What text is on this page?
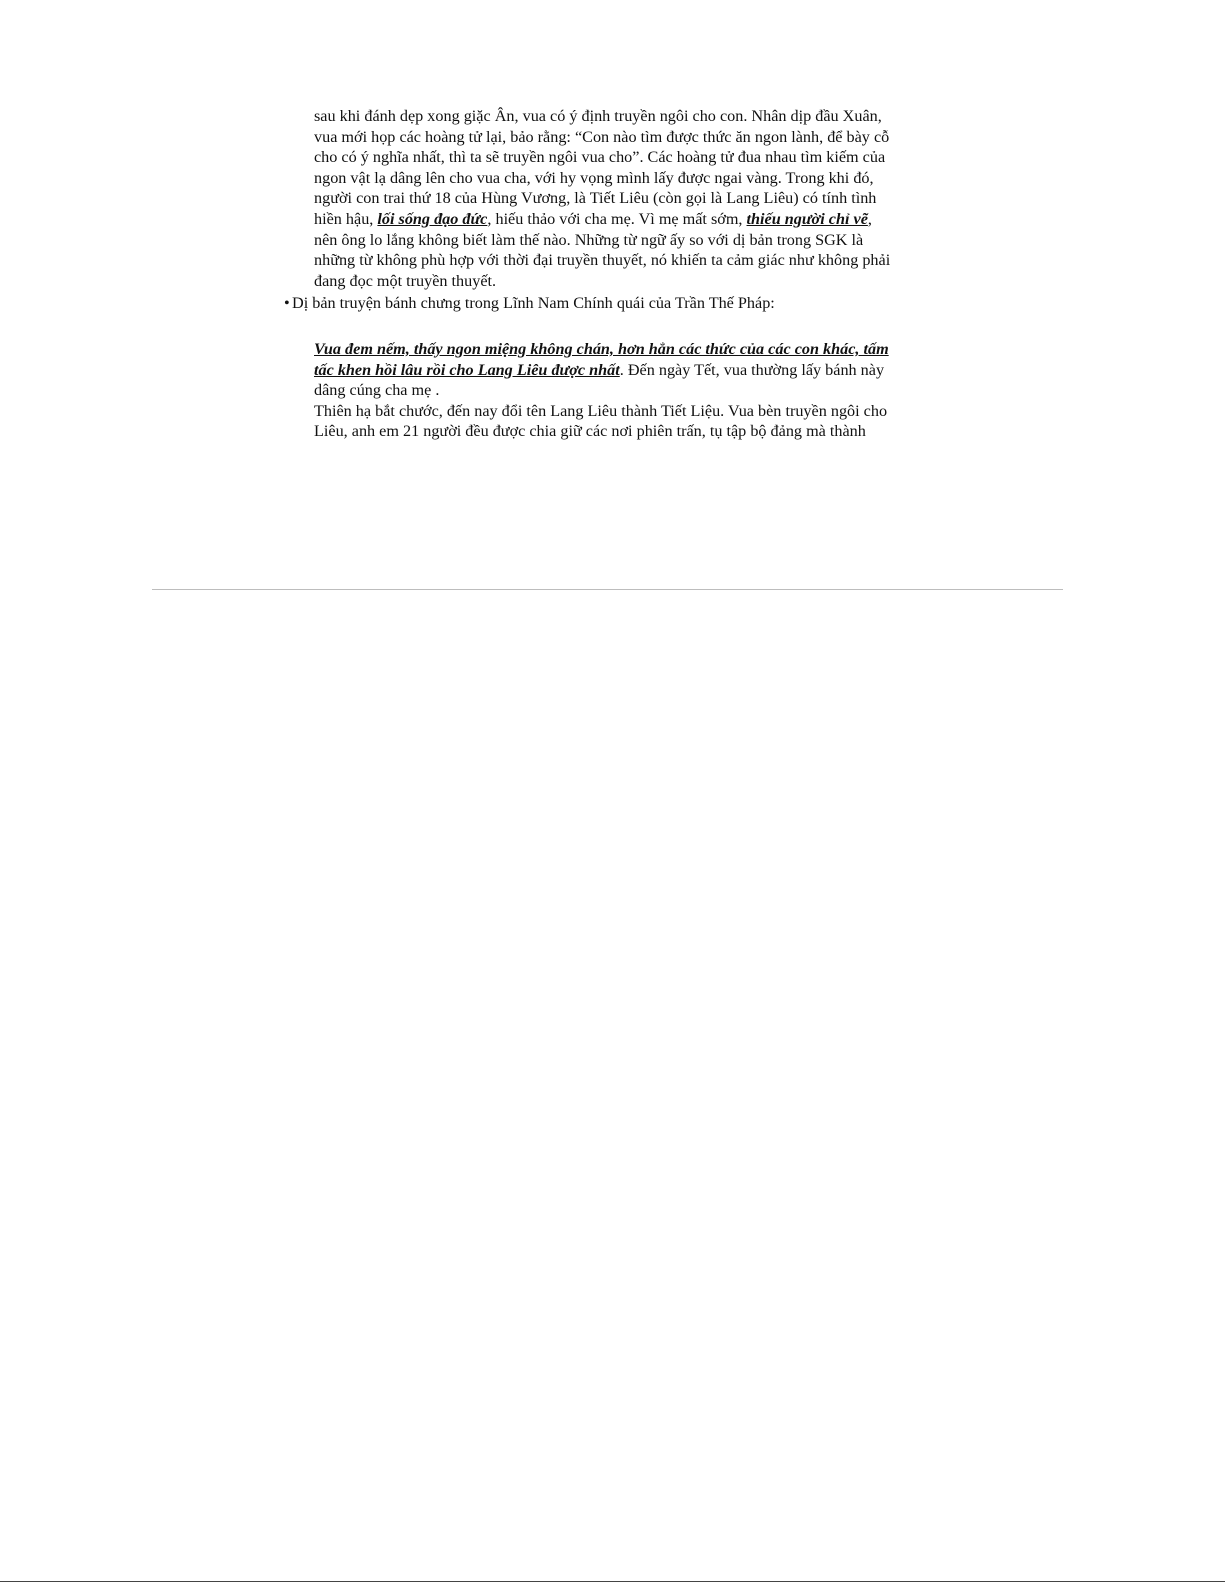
sau khi đánh dẹp xong giặc Ân, vua có ý định truyền ngôi cho con. Nhân dịp đầu Xuân,
vua mới họp các hoàng tử lại, bảo rằng: “Con nào tìm được thức ăn ngon lành, để bày cỗ
cho có ý nghĩa nhất, thì ta sẽ truyền ngôi vua cho”. Các hoàng tử đua nhau tìm kiếm của
ngon vật lạ dâng lên cho vua cha, với hy vọng mình lấy được ngai vàng. Trong khi đó,
người con trai thứ 18 của Hùng Vương, là Tiết Liêu (còn gọi là Lang Liêu) có tính tình
hiền hậu, lối sống đạo đức, hiếu thảo với cha mẹ. Vì mẹ mất sớm, thiếu người chỉ vẽ,
nên ông lo lắng không biết làm thế nào. Những từ ngữ ấy so với dị bản trong SGK là
những từ không phù hợp với thời đại truyền thuyết, nó khiến ta cảm giác như không phải
đang đọc một truyền thuyết.
• Dị bản truyện bánh chưng trong Lĩnh Nam Chính quái của Trần Thế Pháp:
Vua đem nếm, thấy ngon miệng không chán, hơn hẳn các thức của các con khác, tấm
tấc khen hồi lâu rồi cho Lang Liêu được nhất. Đến ngày Tết, vua thường lấy bánh này
dâng cúng cha mẹ .
Thiên hạ bắt chước, đến nay đổi tên Lang Liêu thành Tiết Liệu. Vua bèn truyền ngôi cho
Liêu, anh em 21 người đều được chia giữ các nơi phiên trấn, tụ tập bộ đảng mà thành
